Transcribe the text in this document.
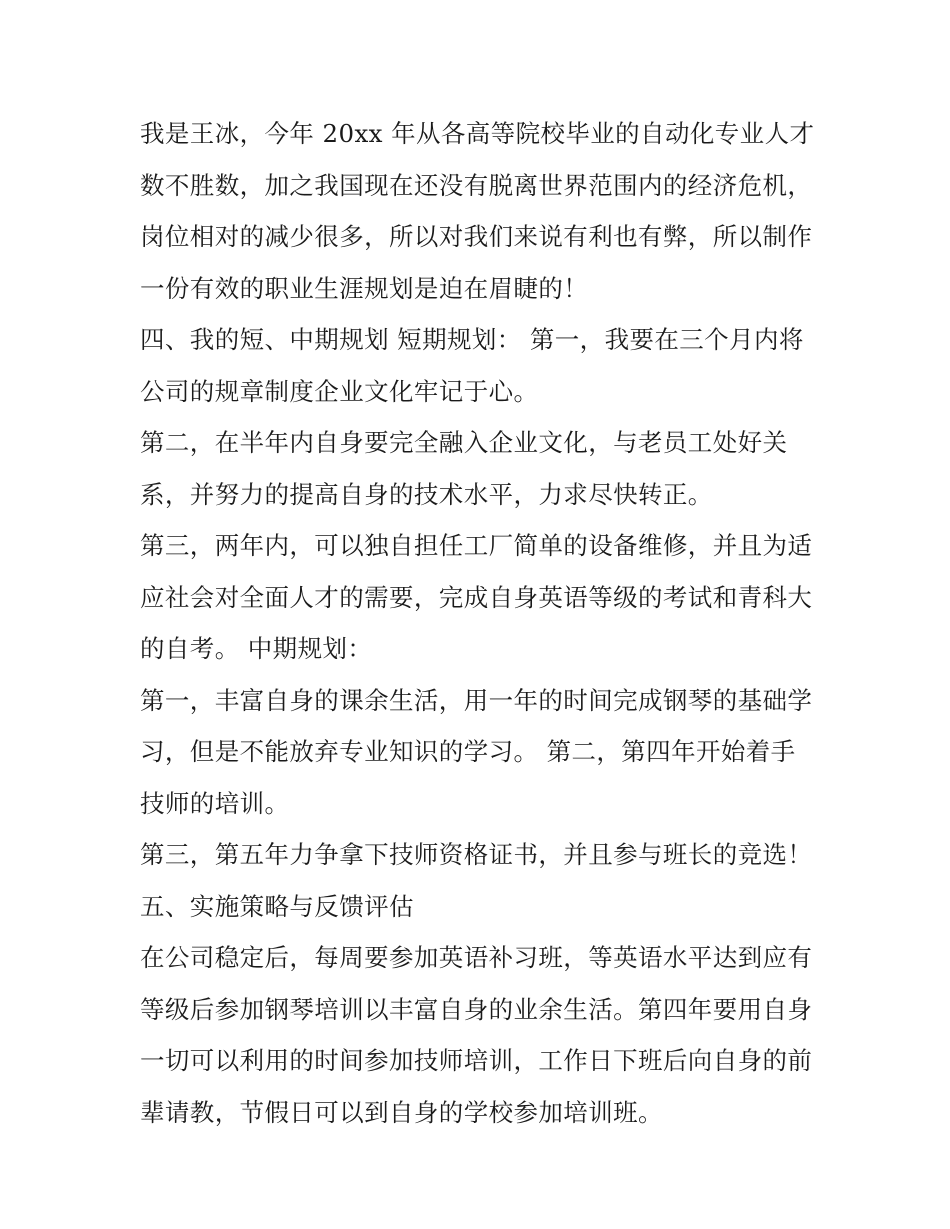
我是王冰，今年 20xx 年从各高等院校毕业的自动化专业人才
数不胜数，加之我国现在还没有脱离世界范围内的经济危机，
岗位相对的减少很多，所以对我们来说有利也有弊，所以制作
一份有效的职业生涯规划是迫在眉睫的！
四、我的短、中期规划 短期规划： 第一，我要在三个月内将
公司的规章制度企业文化牢记于心。
第二，在半年内自身要完全融入企业文化，与老员工处好关
系，并努力的提高自身的技术水平，力求尽快转正。
第三，两年内，可以独自担任工厂简单的设备维修，并且为适
应社会对全面人才的需要，完成自身英语等级的考试和青科大
的自考。 中期规划：
第一，丰富自身的课余生活，用一年的时间完成钢琴的基础学
习，但是不能放弃专业知识的学习。 第二，第四年开始着手
技师的培训。
第三，第五年力争拿下技师资格证书，并且参与班长的竞选！
五、实施策略与反馈评估
在公司稳定后，每周要参加英语补习班，等英语水平达到应有
等级后参加钢琴培训以丰富自身的业余生活。第四年要用自身
一切可以利用的时间参加技师培训，工作日下班后向自身的前
辈请教，节假日可以到自身的学校参加培训班。
